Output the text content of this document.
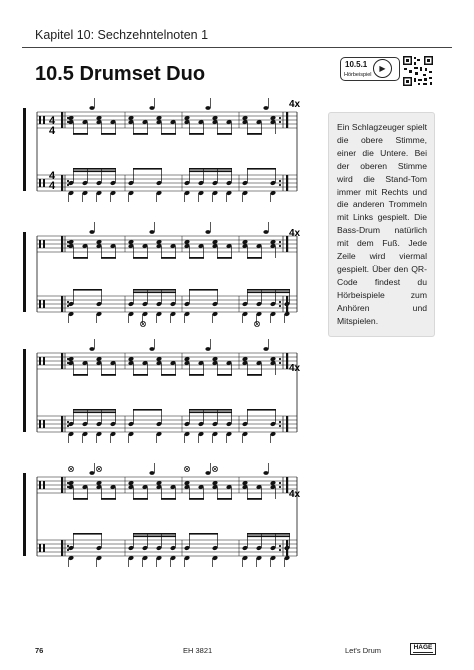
Kapitel 10: Sechzehntelnoten 1
10.5 Drumset Duo	10.5.1
Hörbeispiel
▶
Ein Schlagzeuger spielt die obere Stimme, einer die Untere. Bei der oberen Stimme wird die Stand-Tom immer mit Rechts und die anderen Trommeln mit Links gespielt. Die Bass-Drum natürlich mit dem Fuß. Jede Zeile wird viermal gespielt. Über den QR-Code findest du Hörbeispiele zum Anhören und Mitspielen.
4x
4
4
4
4
4x
4x
4x
76	EH 3821	Let's Drum	HAGE
